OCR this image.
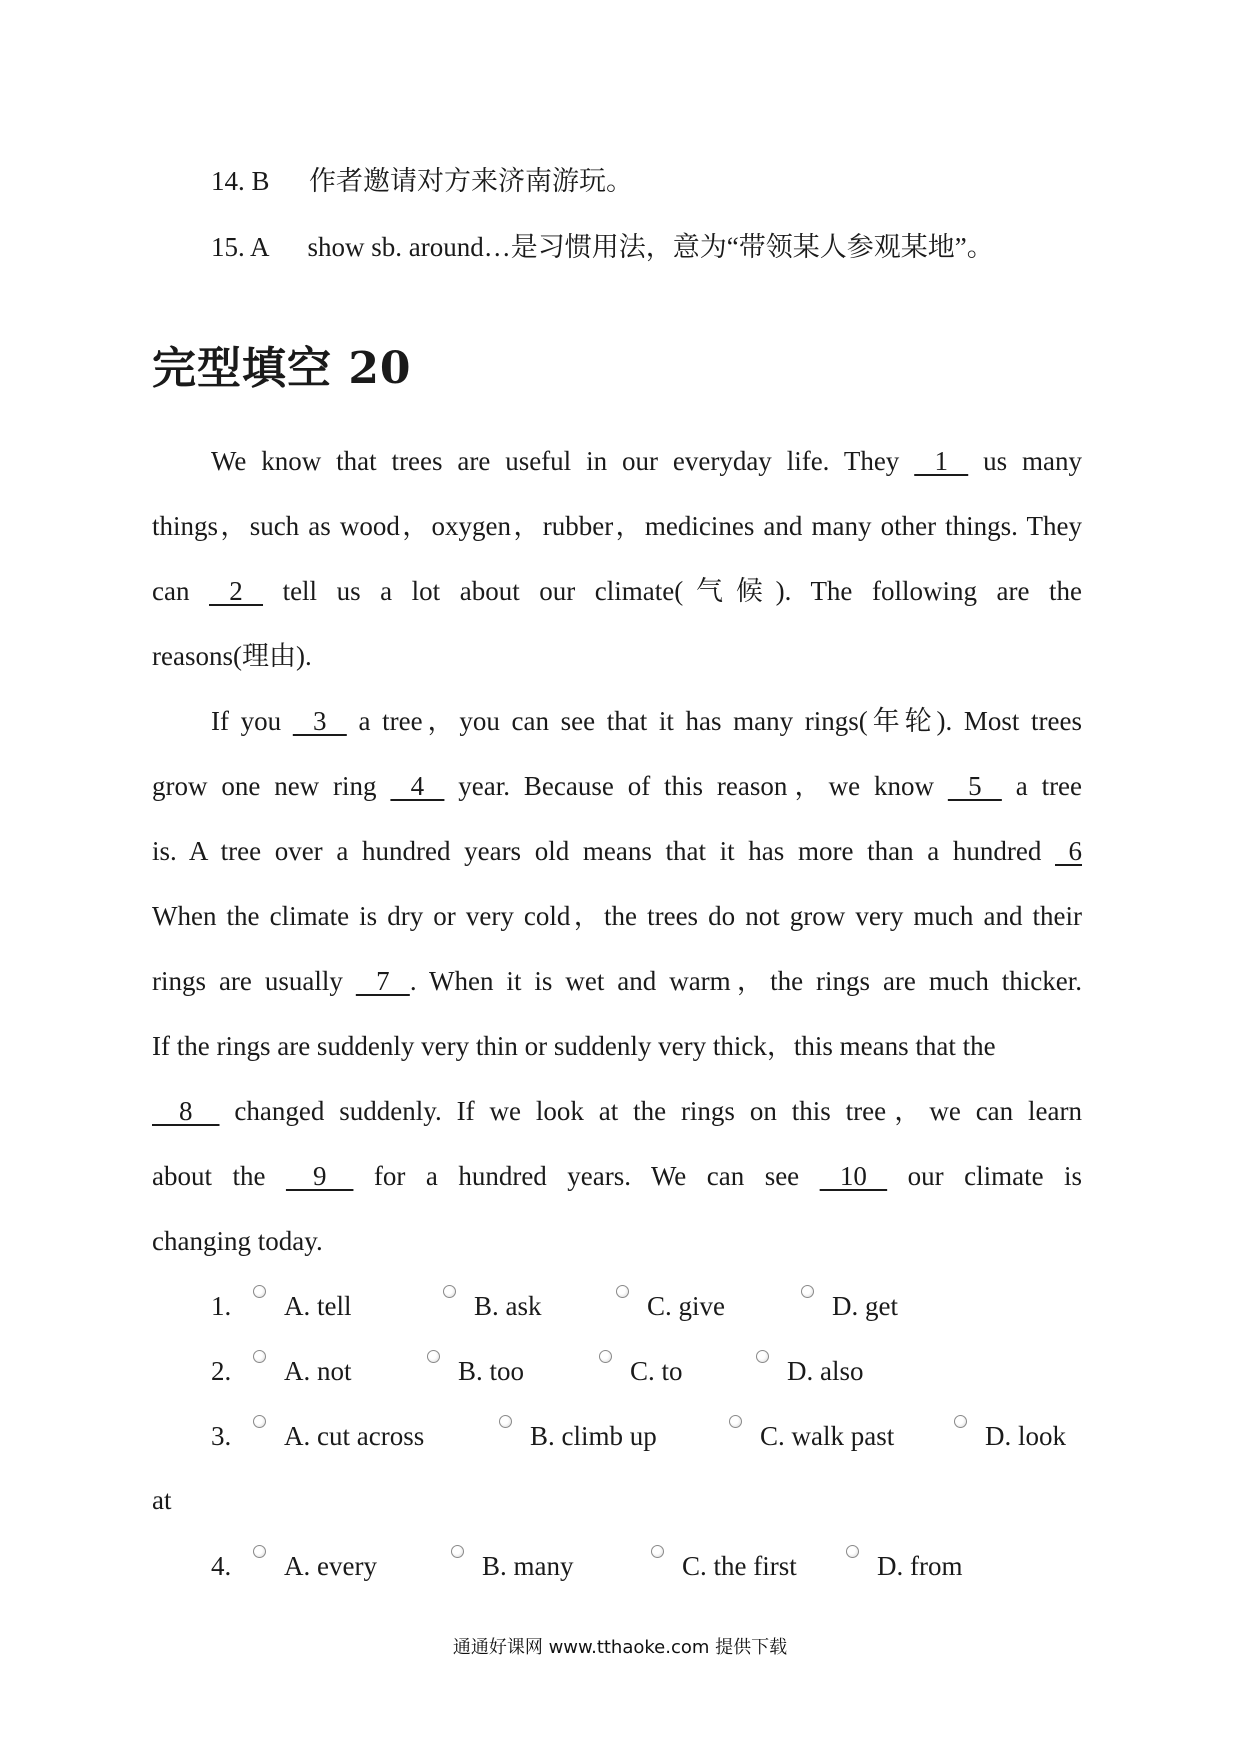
14. B 作者邀请对方来济南游玩。
15. A show sb. around…是习惯用法，意为“带领某人参观某地”。
完型填空 20
We know that trees are useful in our everyday life. They    1    us many
things，such as wood，oxygen，rubber，medicines and many other things. They
can    2    tell us a lot about our climate(气候). The following are the
reasons(理由).
If you    3    a tree，you can see that it has many rings(年轮). Most trees
grow one new ring    4    year. Because of this reason，we know    5    a tree
is. A tree over a hundred years old means that it has more than a hundred   6
When the climate is dry or very cold，the trees do not grow very much and their
rings are usually    7   . When it is wet and warm，the rings are much thicker.
If the rings are suddenly very thin or suddenly very thick，this means that the
8     changed suddenly. If we look at the rings on this tree，we can learn
about the     9     for a hundred years. We can see    10    our climate is
changing today.
1. A. tell	B. ask	C. give	D. get
2. A. not	B. too	C. to	D. also
3. A. cut across	B. climb up	C. walk past	D. look
at
4. A. every	B. many	C. the first	D. from
通通好课网 www.tthaoke.com 提供下载
